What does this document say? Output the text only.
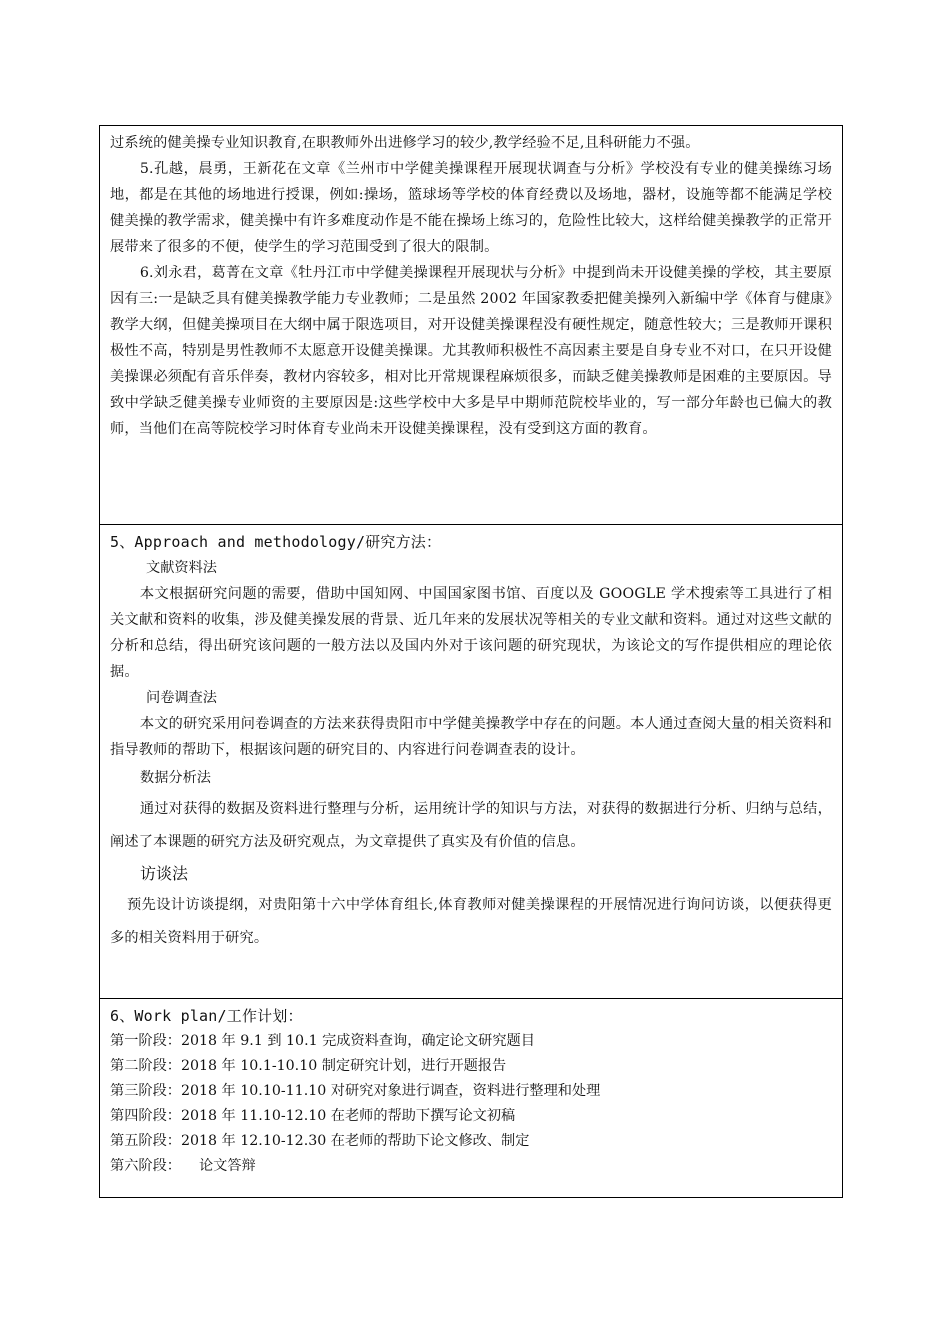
过系统的健美操专业知识教育,在职教师外出进修学习的较少,教学经验不足,且科研能力不强。

5.孔越，晨勇，王新花在文章《兰州市中学健美操课程开展现状调查与分析》学校没有专业的健美操练习场地，都是在其他的场地进行授课，例如:操场，篮球场等学校的体育经费以及场地，器材，设施等都不能满足学校健美操的教学需求，健美操中有许多难度动作是不能在操场上练习的，危险性比较大，这样给健美操教学的正常开展带来了很多的不便，使学生的学习范围受到了很大的限制。

6.刘永君，葛菁在文章《牡丹江市中学健美操课程开展现状与分析》中提到尚未开设健美操的学校，其主要原因有三:一是缺乏具有健美操教学能力专业教师；二是虽然 2002 年国家教委把健美操列入新编中学《体育与健康》教学大纲，但健美操项目在大纲中属于限选项目，对开设健美操课程没有硬性规定，随意性较大；三是教师开课积极性不高，特别是男性教师不太愿意开设健美操课。尤其教师积极性不高因素主要是自身专业不对口，在只开设健美操课必须配有音乐伴奏，教材内容较多，相对比开常规课程麻烦很多，而缺乏健美操教师是困难的主要原因。导致中学缺乏健美操专业师资的主要原因是:这些学校中大多是早中期师范院校毕业的，写一部分年龄也已偏大的教师，当他们在高等院校学习时体育专业尚未开设健美操课程，没有受到这方面的教育。

5、Approach and methodology/研究方法：

文献资料法

本文根据研究问题的需要，借助中国知网、中国国家图书馆、百度以及 GOOGLE 学术搜索等工具进行了相关文献和资料的收集，涉及健美操发展的背景、近几年来的发展状况等相关的专业文献和资料。通过对这些文献的分析和总结，得出研究该问题的一般方法以及国内外对于该问题的研究现状，为该论文的写作提供相应的理论依据。

问卷调查法

本文的研究采用问卷调查的方法来获得贵阳市中学健美操教学中存在的问题。本人通过查阅大量的相关资料和指导教师的帮助下，根据该问题的研究目的、内容进行问卷调查表的设计。

数据分析法

通过对获得的数据及资料进行整理与分析，运用统计学的知识与方法，对获得的数据进行分析、归纳与总结，阐述了本课题的研究方法及研究观点，为文章提供了真实及有价值的信息。

访谈法

预先设计访谈提纲，对贵阳第十六中学体育组长,体育教师对健美操课程的开展情况进行询问访谈，以便获得更多的相关资料用于研究。

6、Work plan/工作计划：

第一阶段：2018 年 9.1 到 10.1 完成资料查询，确定论文研究题目

第二阶段：2018 年 10.1-10.10 制定研究计划，进行开题报告

第三阶段：2018 年 10.10-11.10 对研究对象进行调查，资料进行整理和处理

第四阶段：2018 年 11.10-12.10 在老师的帮助下撰写论文初稿

第五阶段：2018 年 12.10-12.30 在老师的帮助下论文修改、制定

第六阶段：    论文答辩
